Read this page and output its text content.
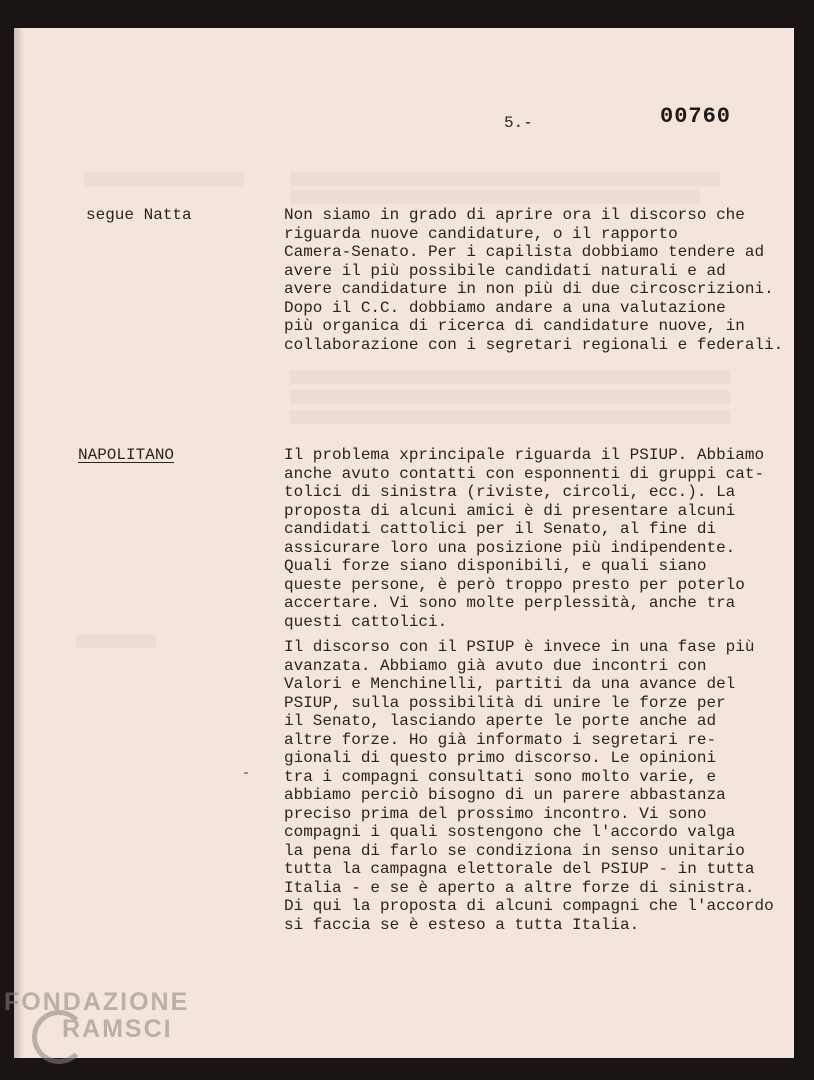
5.-	00760
segue Natta	Non siamo in grado di aprire ora il discorso che
riguarda nuove candidature, o il rapporto
Camera-Senato. Per i capilista dobbiamo tendere ad
avere il più possibile candidati naturali e ad
avere candidature in non più di due circoscrizioni.
Dopo il C.C. dobbiamo andare a una valutazione
più organica di ricerca di candidature nuove, in
collaborazione con i segretari regionali e federali.

NAPOLITANO	Il problema xprincipale riguarda il PSIUP. Abbiamo
anche avuto contatti con esponnenti di gruppi cat-
tolici di sinistra (riviste, circoli, ecc.). La
proposta di alcuni amici è di presentare alcuni
candidati cattolici per il Senato, al fine di
assicurare loro una posizione più indipendente.
Quali forze siano disponibili, e quali siano
queste persone, è però troppo presto per poterlo
accertare. Vi sono molte perplessità, anche tra
questi cattolici.

Il discorso con il PSIUP è invece in una fase più
avanzata. Abbiamo già avuto due incontri con
Valori e Menchinelli, partiti da una avance del
PSIUP, sulla possibilità di unire le forze per
il Senato, lasciando aperte le porte anche ad
altre forze. Ho già informato i segretari re-
gionali di questo primo discorso. Le opinioni
tra i compagni consultati sono molto varie, e
abbiamo perciò bisogno di un parere abbastanza
preciso prima del prossimo incontro. Vi sono
compagni i quali sostengono che l'accordo valga
la pena di farlo se condiziona in senso unitario
tutta la campagna elettorale del PSIUP - in tutta
Italia - e se è aperto a altre forze di sinistra.
Di qui la proposta di alcuni compagni che l'accordo
si faccia se è esteso a tutta Italia.

FONDAZIONE
RAMSCI
